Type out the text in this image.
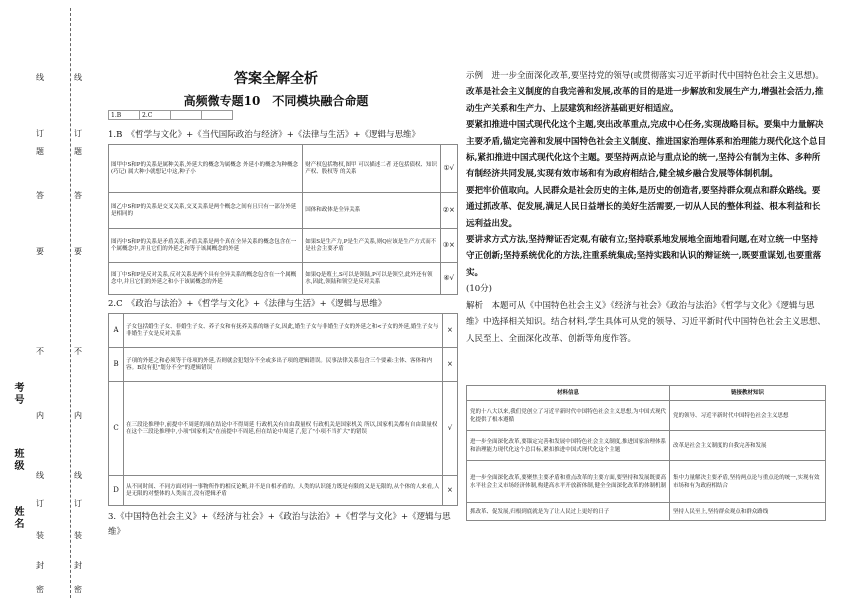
线
订
题
答
要
不
内
线
订
装
封
密
线
订
题
答
要
不
内
线
订
装
封
密
考号
班级
姓名
答案全解全析
高频微专题10　不同模块融合命题
1.B	2.C		
1.B　《哲学与文化》+《当代国际政治与经济》+《法律与生活》+《逻辑与思维》
图甲中S和P的关系是属种关系,外延大的概念为属概念 外延小的概念为种概念(巧记) 属大种小就想记中这,种子小	财产权包括物权,图甲 可以描述二者 还包括债权、知识产权、股权等 的关系	①√
图乙中S和P的关系是交叉关系,交叉关系是两个概念之间有且只有一部分外延是相同的	国体和政体是全异关系	②×
图丙中S和P的关系是矛盾关系,矛盾关系是两个真在全异关系的概念包含在一个属概念中,并且它们的外延之和等于该属概念的外延	如果S是生产力,P是生产关系,则Q应该是生产方式而不是社会主要矛盾	③×
图丁中S和P是反对关系,反对关系是两个具有全异关系的概念包含在一个属概念中,并且它们的外延之和小于该属概念的外延	如果Q是殖土,S可以是领陆,P可以是领空,此外还有领水,因此,领陆和领空是反对关系	④√
2.C　《政治与法治》+《哲学与文化》+《法律与生活》+《逻辑与思维》
A	子女包括婚生子女、非婚生子女、养子女和有抚养关系的继子女,因此,婚生子女与非婚生子女的外延之和<子女的外延,婚生子女与非婚生子女是反对关系	×
B	子项的外延之和必须等于母项的外延,否则就会犯划分不全或多出子项的逻辑错误。民事法律关系包含三个要素:主体、客体和内容。B没有犯"划分不全"的逻辑错误	×
C	在三段论推理中,前提中不周延的项在结论中不得周延 行政机关有自由裁量权 行政机关是国家机关 所以,国家机关都有自由裁量权 在这个三段论推理中,小项"国家机关"在前提中不周延,但在结论中周延了,犯了"小项不当扩大"的错误	√
D	从不同时间、不同方面对同一事物所作的相反论断,并不是自相矛盾的。人类的认识能力既是有限的又是无限的,从个体的人来看,人是无限的对整体的人类而言,没有逻辑矛盾	×
3.《中国特色社会主义》+《经济与社会》+《政治与法治》+《哲学与文化》+《逻辑与思维》

示例　进一步全面深化改革,要坚持党的领导(或贯彻落实习近平新时代中国特色社会主义思想)。

改革是社会主义制度的自我完善和发展,改革的目的是进一步解放和发展生产力,增强社会活力,推动生产关系和生产力、上层建筑和经济基础更好相适应。

要紧扣推进中国式现代化这个主题,突出改革重点,完成中心任务,实现战略目标。要集中力量解决主要矛盾,锚定完善和发展中国特色社会主义制度、推进国家治理体系和治理能力现代化这个总目标,紧扣推进中国式现代化这个主题。要坚持两点论与重点论的统一,坚持公有制为主体、多种所有制经济共同发展,实现有效市场和有为政府相结合,健全城乡融合发展等体制机制。

要把牢价值取向。人民群众是社会历史的主体,是历史的创造者,要坚持群众观点和群众路线。要通过抓改革、促发展,满足人民日益增长的美好生活需要,一切从人民的整体利益、根本利益和长远利益出发。

要讲求方式方法,坚持辩证否定观,有破有立;坚持联系地发展地全面地看问题,在对立统一中坚持守正创新;坚持系统优化的方法,注重系统集成;坚持实践和认识的辩证统一,既要重谋划,也要重落实。

(10分)

解析　本题可从《中国特色社会主义》《经济与社会》《政治与法治》《哲学与文化》《逻辑与思维》中选择相关知识。结合材料,学生具体可从党的领导、习近平新时代中国特色社会主义思想、人民至上、全面深化改革、创新等角度作答。

材料信息	链接教材知识
党的十八大以来,我们党创立了习近平新时代中国特色社会主义思想,为中国式现代化提供了根本遵循	党的领导、习近平新时代中国特色社会主义思想
进一步全面深化改革,要锚定完善和发展中国特色社会主义制度,推进国家治理体系和治理能力现代化这个总目标,紧扣推进中国式现代化这个主题	改革是社会主义制度的自我完善和发展
进一步全面深化改革,要聚焦主要矛盾和重点改革的主要方面,要坚持和发展既要高水平社会主义市场经济体制,构建高水平开放新体制,健全全面深化改革的体制机制	集中力量解决主要矛盾,坚持两点论与重点论的统一,实现有效市场和有为政府相结合
抓改革、促发展,归根到底就是为了让人民过上更好的日子	坚持人民至上,坚持群众观点和群众路线
